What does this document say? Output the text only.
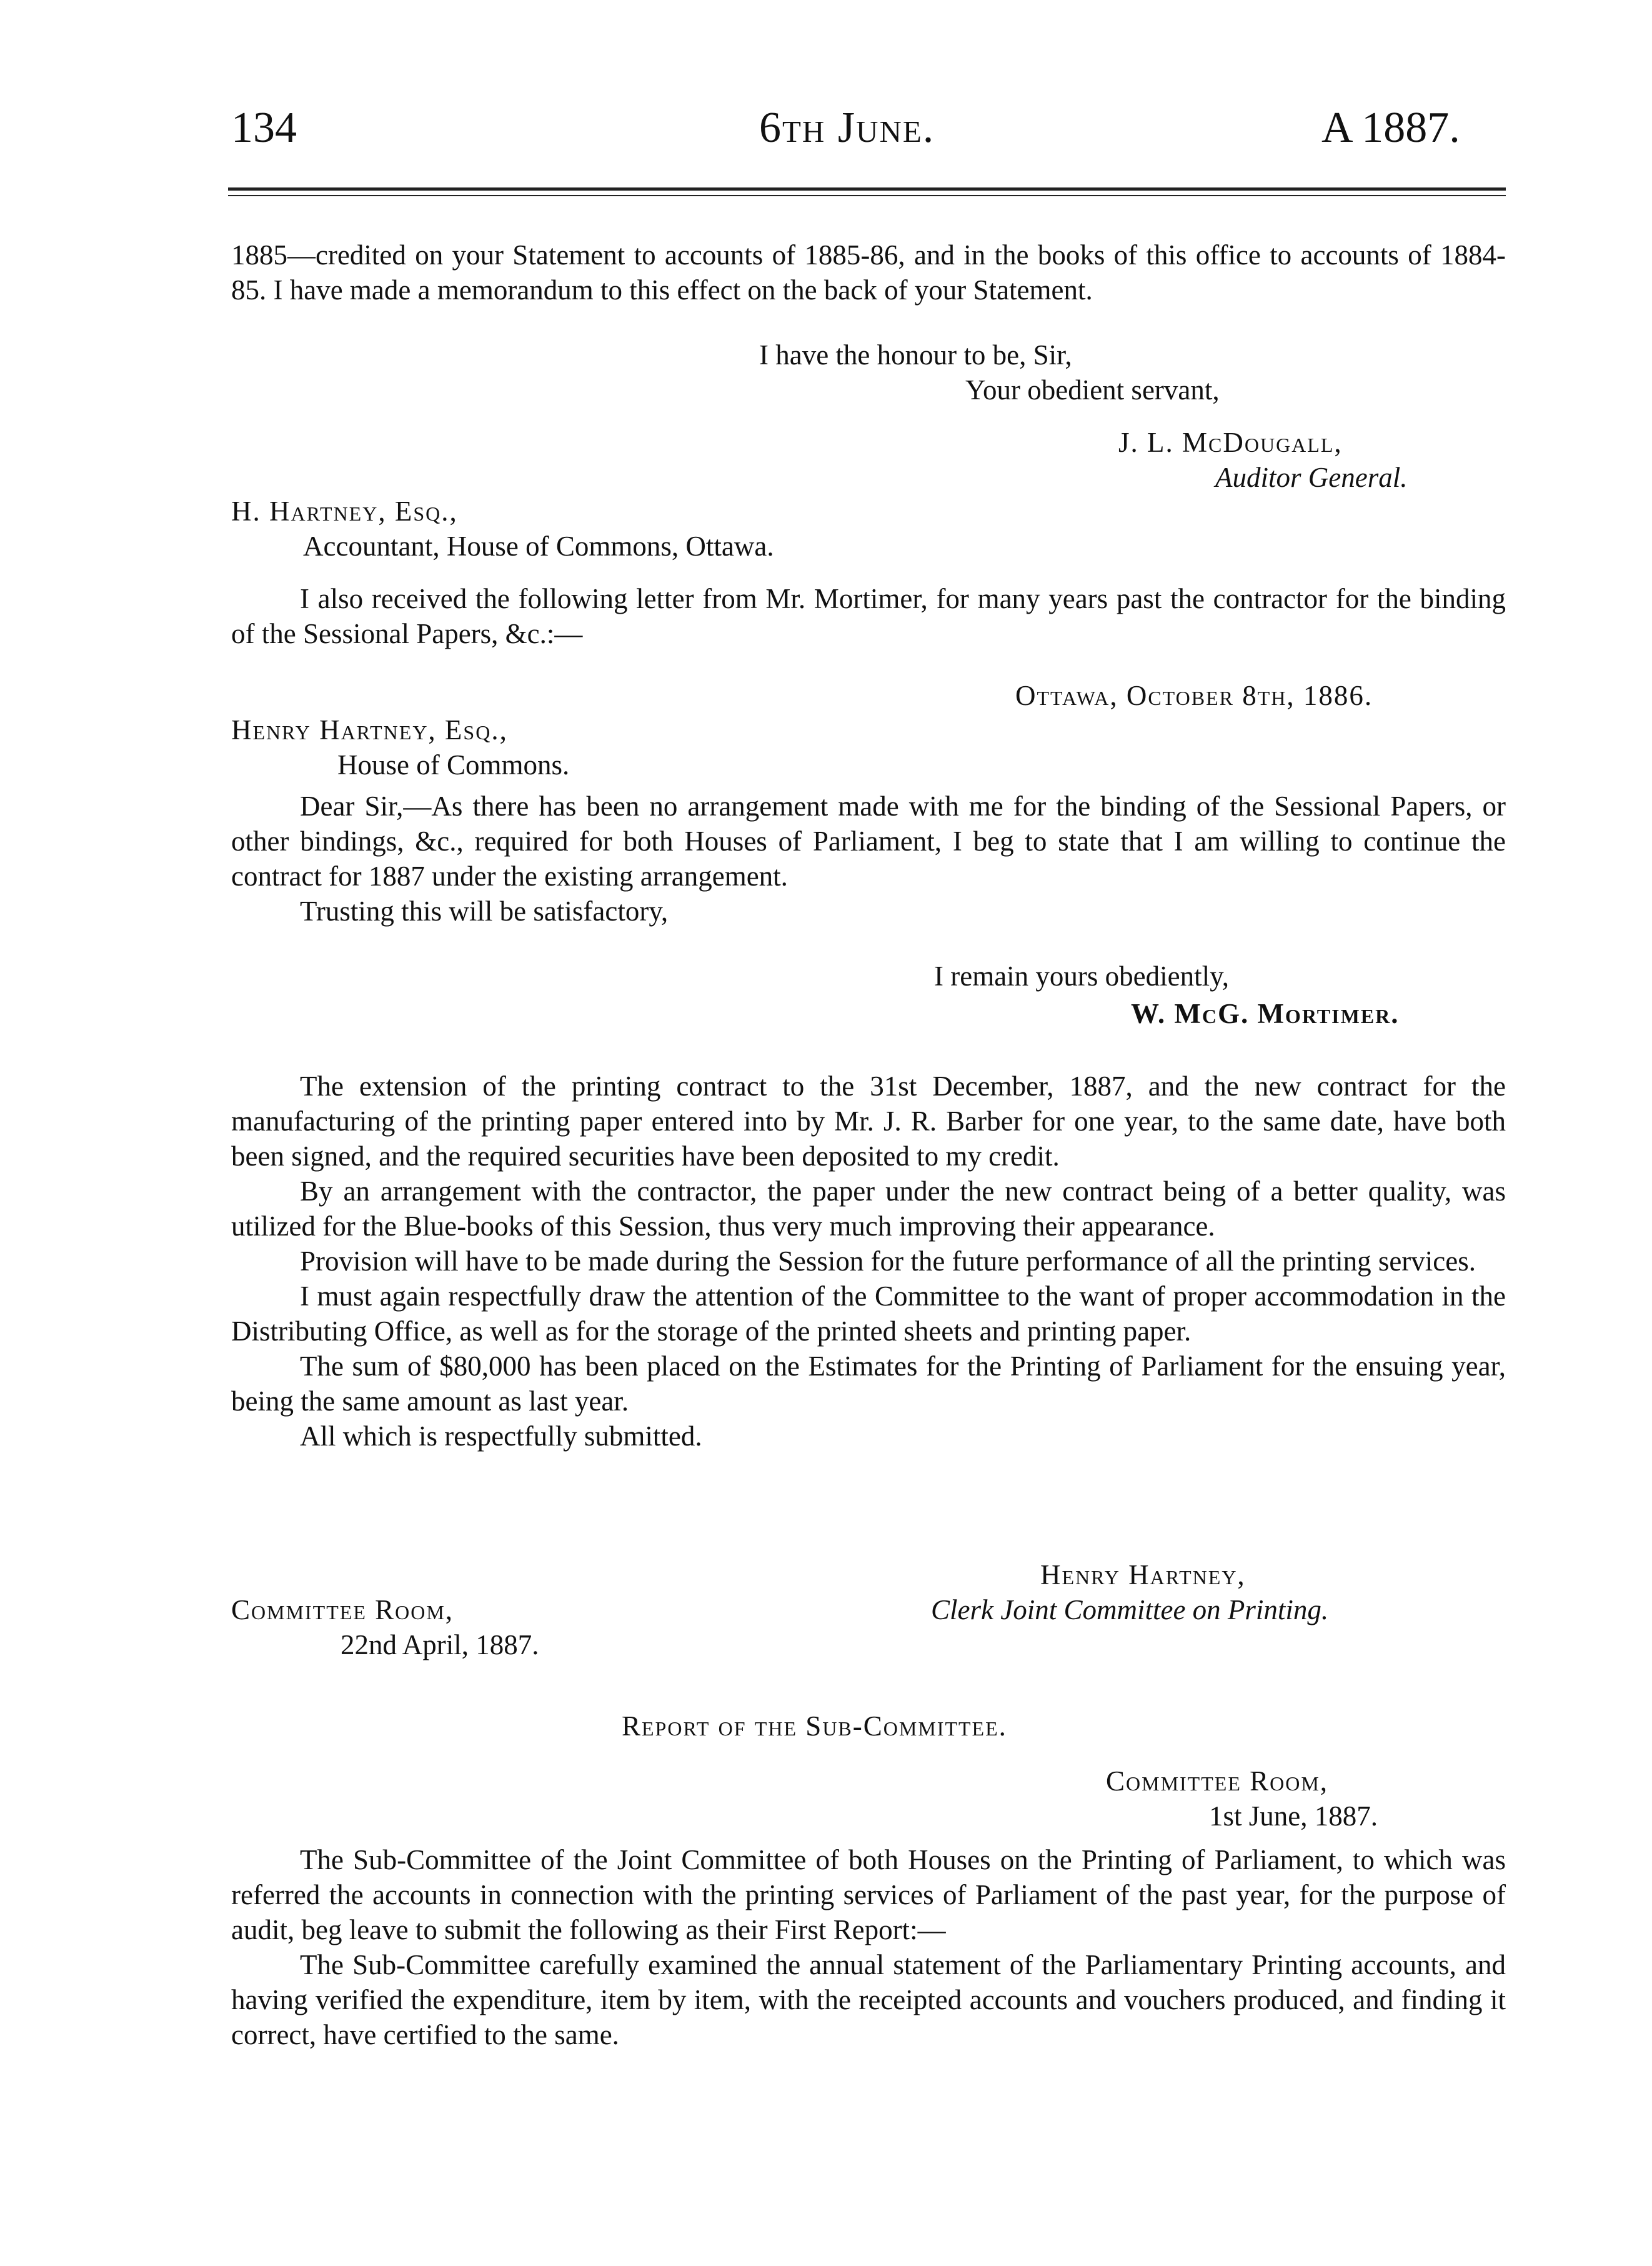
134	6th June.	A 1887.

1885—credited on your Statement to accounts of 1885-86, and in the books of this office to accounts of 1884-85. I have made a memorandum to this effect on the back of your Statement.

I have the honour to be, Sir,
Your obedient servant,
J. L. McDougall,
Auditor General.
H. Hartney, Esq.,
Accountant, House of Commons, Ottawa.

I also received the following letter from Mr. Mortimer, for many years past the contractor for the binding of the Sessional Papers, &c.:—

Ottawa, October 8th, 1886.
Henry Hartney, Esq.,
House of Commons.

Dear Sir,—As there has been no arrangement made with me for the binding of the Sessional Papers, or other bindings, &c., required for both Houses of Parliament, I beg to state that I am willing to continue the contract for 1887 under the existing arrangement.

Trusting this will be satisfactory,

I remain yours obediently,
W. McG. Mortimer.

The extension of the printing contract to the 31st December, 1887, and the new contract for the manufacturing of the printing paper entered into by Mr. J. R. Barber for one year, to the same date, have both been signed, and the required securities have been deposited to my credit.

By an arrangement with the contractor, the paper under the new contract being of a better quality, was utilized for the Blue-books of this Session, thus very much improving their appearance.

Provision will have to be made during the Session for the future performance of all the printing services.

I must again respectfully draw the attention of the Committee to the want of proper accommodation in the Distributing Office, as well as for the storage of the printed sheets and printing paper.

The sum of $80,000 has been placed on the Estimates for the Printing of Parliament for the ensuing year, being the same amount as last year.

All which is respectfully submitted.

Henry Hartney,
Committee Room,	Clerk Joint Committee on Printing.
22nd April, 1887.
Report of the Sub-Committee.
Committee Room,
1st June, 1887.

The Sub-Committee of the Joint Committee of both Houses on the Printing of Parliament, to which was referred the accounts in connection with the printing services of Parliament of the past year, for the purpose of audit, beg leave to submit the following as their First Report:—

The Sub-Committee carefully examined the annual statement of the Parliamentary Printing accounts, and having verified the expenditure, item by item, with the receipted accounts and vouchers produced, and finding it correct, have certified to the same.
